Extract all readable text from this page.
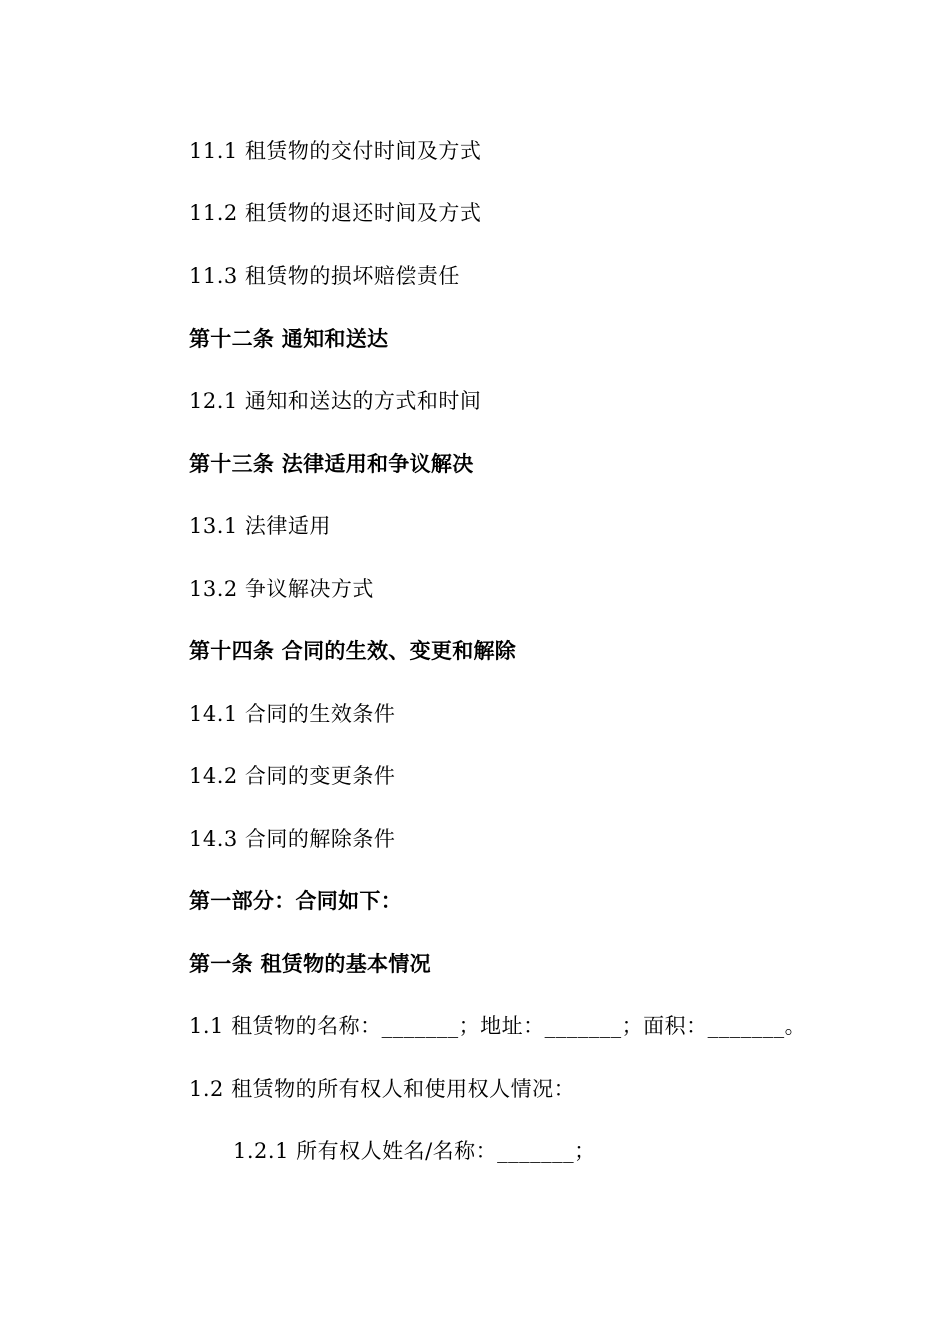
11.1 租赁物的交付时间及方式
11.2 租赁物的退还时间及方式
11.3 租赁物的损坏赔偿责任
第十二条 通知和送达
12.1 通知和送达的方式和时间
第十三条 法律适用和争议解决
13.1 法律适用
13.2 争议解决方式
第十四条 合同的生效、变更和解除
14.1 合同的生效条件
14.2 合同的变更条件
14.3 合同的解除条件
第一部分：合同如下：
第一条 租赁物的基本情况
1.1 租赁物的名称：_______；地址：_______；面积：_______。
1.2 租赁物的所有权人和使用权人情况：
1.2.1 所有权人姓名/名称：_______；
